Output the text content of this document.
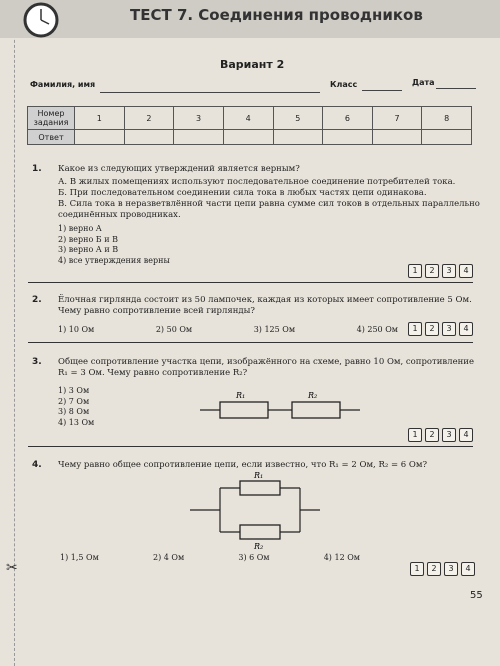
ТЕСТ 7. Соединения проводников
Вариант 2
Фамилия, имя	Класс	Дата
Номер задания	1	2	3	4	5	6	7	8
Ответ								
1. Какое из следующих утверждений является верным?
А. В жилых помещениях используют последовательное соединение потребителей тока.
Б. При последовательном соединении сила тока в любых частях цепи одинакова.
В. Сила тока в неразветвлённой части цепи равна сумме сил токов в отдельных параллельно соединённых проводниках.
1) верно А
2) верно Б и В
3) верно А и В
4) все утверждения верны
1	2	3	4
2. Ёлочная гирлянда состоит из 50 лампочек, каждая из которых имеет сопротивление 5 Ом. Чему равно сопротивление всей гирлянды?
1) 10 Ом	2) 50 Ом	3) 125 Ом	4) 250 Ом	1	2	3	4
3. Общее сопротивление участка цепи, изображённого на схеме, равно 10 Ом, сопротивление R₁ = 3 Ом. Чему равно сопротивление R₂?
1) 3 Ом
2) 7 Ом
3) 8 Ом
4) 13 Ом
R₁	R₂
1	2	3	4
4. Чему равно общее сопротивление цепи, если известно, что R₁ = 2 Ом, R₂ = 6 Ом?
R₁
R₂
1) 1,5 Ом	2) 4 Ом	3) 6 Ом	4) 12 Ом
1	2	3	4
✂
55
